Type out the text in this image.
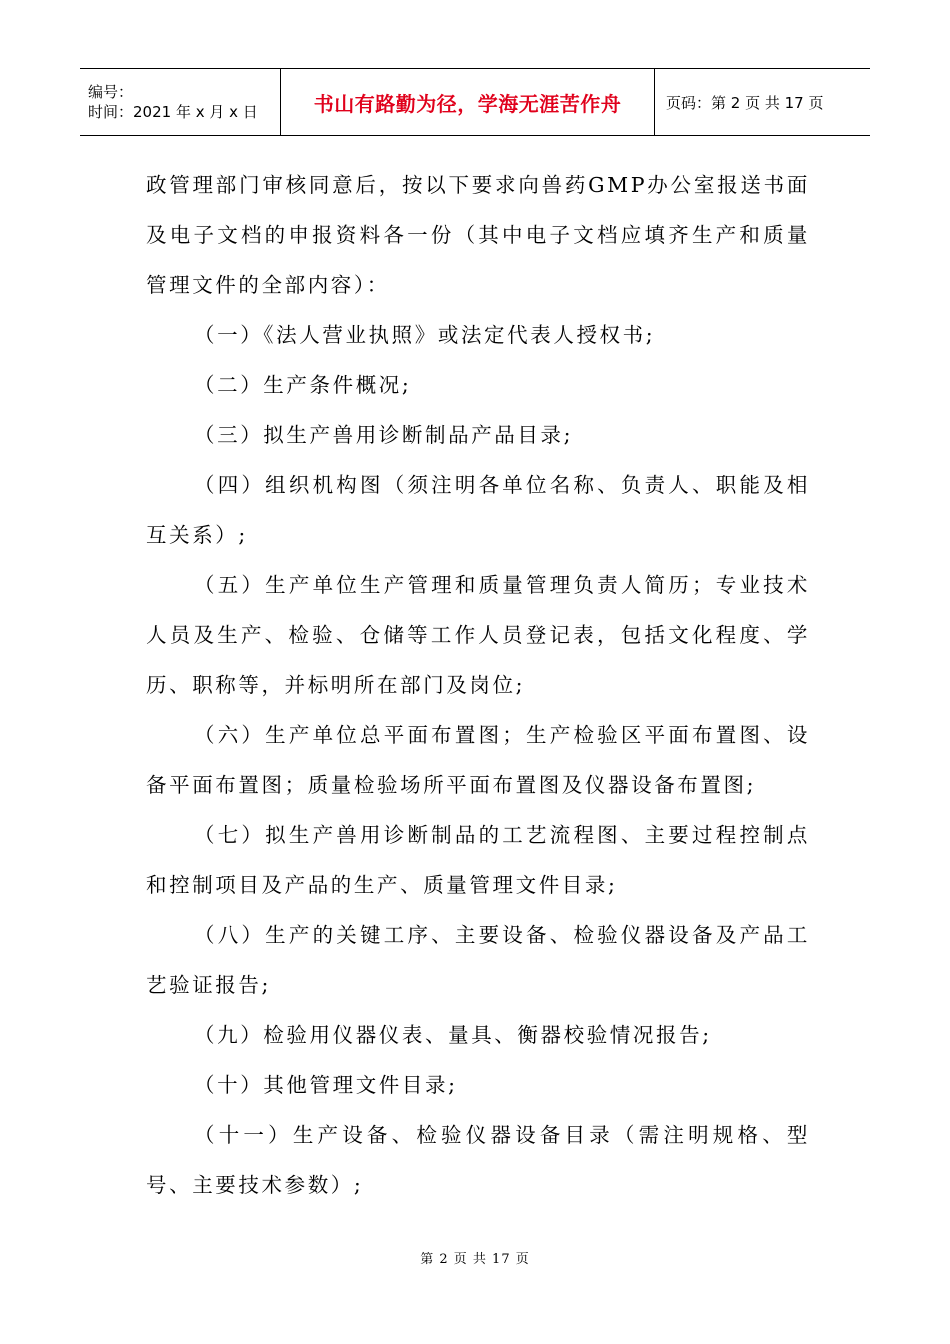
编号：
时间：2021 年 x 月 x 日	书山有路勤为径，学海无涯苦作舟	页码：第 2 页 共 17 页

政管理部门审核同意后，按以下要求向兽药GMP办公室报送书面及电子文档的申报资料各一份（其中电子文档应填齐生产和质量管理文件的全部内容）：

（一）《法人营业执照》或法定代表人授权书;

（二）生产条件概况;

（三）拟生产兽用诊断制品产品目录;

（四）组织机构图（须注明各单位名称、负责人、职能及相互关系）;

（五）生产单位生产管理和质量管理负责人简历；专业技术人员及生产、检验、仓储等工作人员登记表，包括文化程度、学历、职称等，并标明所在部门及岗位;

（六）生产单位总平面布置图；生产检验区平面布置图、设备平面布置图；质量检验场所平面布置图及仪器设备布置图;

（七）拟生产兽用诊断制品的工艺流程图、主要过程控制点和控制项目及产品的生产、质量管理文件目录;

（八）生产的关键工序、主要设备、检验仪器设备及产品工艺验证报告;

（九）检验用仪器仪表、量具、衡器校验情况报告;

（十）其他管理文件目录;

（十一）生产设备、检验仪器设备目录（需注明规格、型号、主要技术参数）;

第 2 页 共 17 页
